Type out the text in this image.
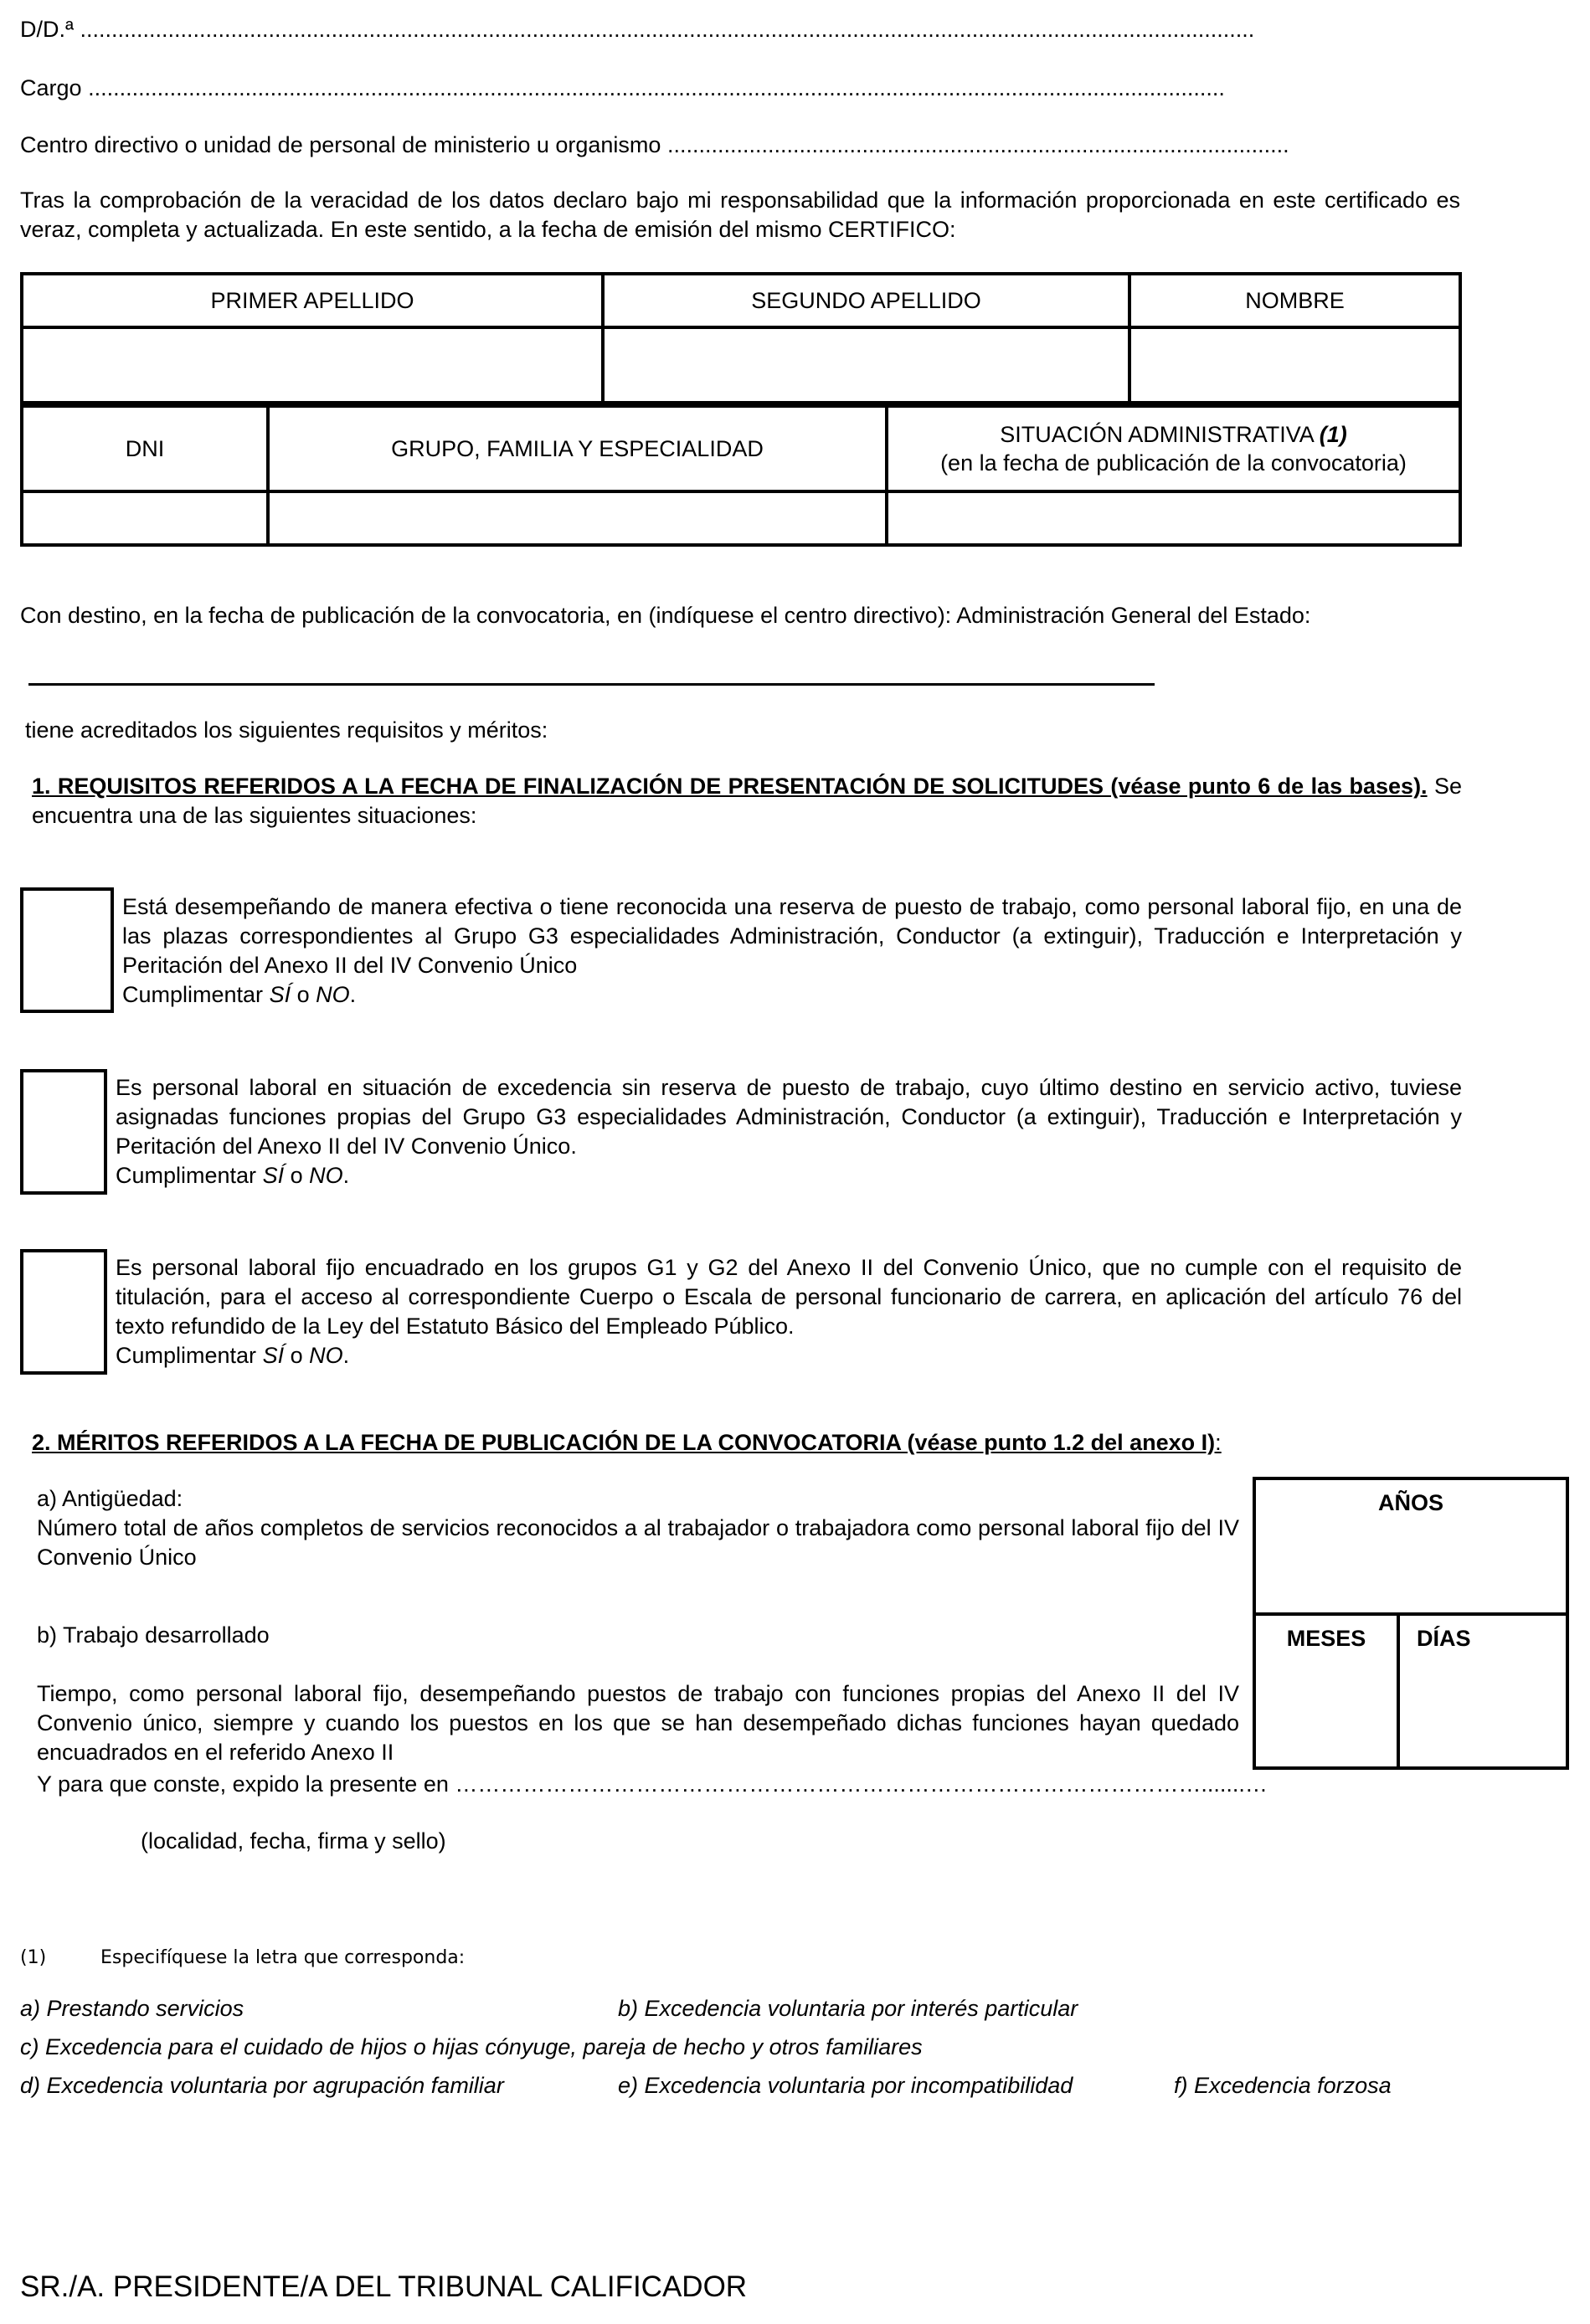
D/D.ª ...........................................................................................................................................................................................
Cargo .....................................................................................................................................................................................
Centro directivo o unidad de personal de ministerio u organismo ...................................................................................................
Tras la comprobación de la veracidad de los datos declaro bajo mi responsabilidad que la información proporcionada en este certificado es veraz, completa y actualizada. En este sentido, a la fecha de emisión del mismo CERTIFICO:
PRIMER APELLIDO	SEGUNDO APELLIDO	NOMBRE

DNI	GRUPO, FAMILIA Y ESPECIALIDAD	SITUACIÓN ADMINISTRATIVA (1)
(en la fecha de publicación de la convocatoria)

Con destino, en la fecha de publicación de la convocatoria, en (indíquese el centro directivo): Administración General del Estado:
tiene acreditados los siguientes requisitos y méritos:
1. REQUISITOS REFERIDOS A LA FECHA DE FINALIZACIÓN DE PRESENTACIÓN DE SOLICITUDES (véase punto 6 de las bases). Se encuentra una de las siguientes situaciones:
Está desempeñando de manera efectiva o tiene reconocida una reserva de puesto de trabajo, como personal laboral fijo, en una de las plazas correspondientes al Grupo G3 especialidades Administración, Conductor (a extinguir), Traducción e Interpretación y Peritación del Anexo II del IV Convenio Único
Cumplimentar SÍ o NO.
Es personal laboral en situación de excedencia sin reserva de puesto de trabajo, cuyo último destino en servicio activo, tuviese asignadas funciones propias del Grupo G3 especialidades Administración, Conductor (a extinguir), Traducción e Interpretación y Peritación del Anexo II del IV Convenio Único.
Cumplimentar SÍ o NO.
Es personal laboral fijo encuadrado en los grupos G1 y G2 del Anexo II del Convenio Único, que no cumple con el requisito de titulación, para el acceso al correspondiente Cuerpo o Escala de personal funcionario de carrera, en aplicación del artículo 76 del texto refundido de la Ley del Estatuto Básico del Empleado Público.
Cumplimentar SÍ o NO.
2. MÉRITOS REFERIDOS A LA FECHA DE PUBLICACIÓN DE LA CONVOCATORIA (véase punto 1.2 del anexo I):
a) Antigüedad:
Número total de años completos de servicios reconocidos a al trabajador o trabajadora como personal laboral fijo del IV Convenio Único
b) Trabajo desarrollado
Tiempo, como personal laboral fijo, desempeñando puestos de trabajo con funciones propias del Anexo II del IV Convenio único, siempre y cuando los puestos en los que se han desempeñado dichas funciones hayan quedado encuadrados en el referido Anexo II
AÑOS
MESES	DÍAS
Y para que conste, expido la presente en ……………………………………………………………………………………….......…
(localidad, fecha, firma y sello)
(1)	Especifíquese la letra que corresponda:
a) Prestando servicios	b) Excedencia voluntaria por interés particular
c) Excedencia para el cuidado de hijos o hijas cónyuge, pareja de hecho y otros familiares
d) Excedencia voluntaria por agrupación familiar	e) Excedencia voluntaria por incompatibilidad	f) Excedencia forzosa
SR./A. PRESIDENTE/A DEL TRIBUNAL CALIFICADOR
